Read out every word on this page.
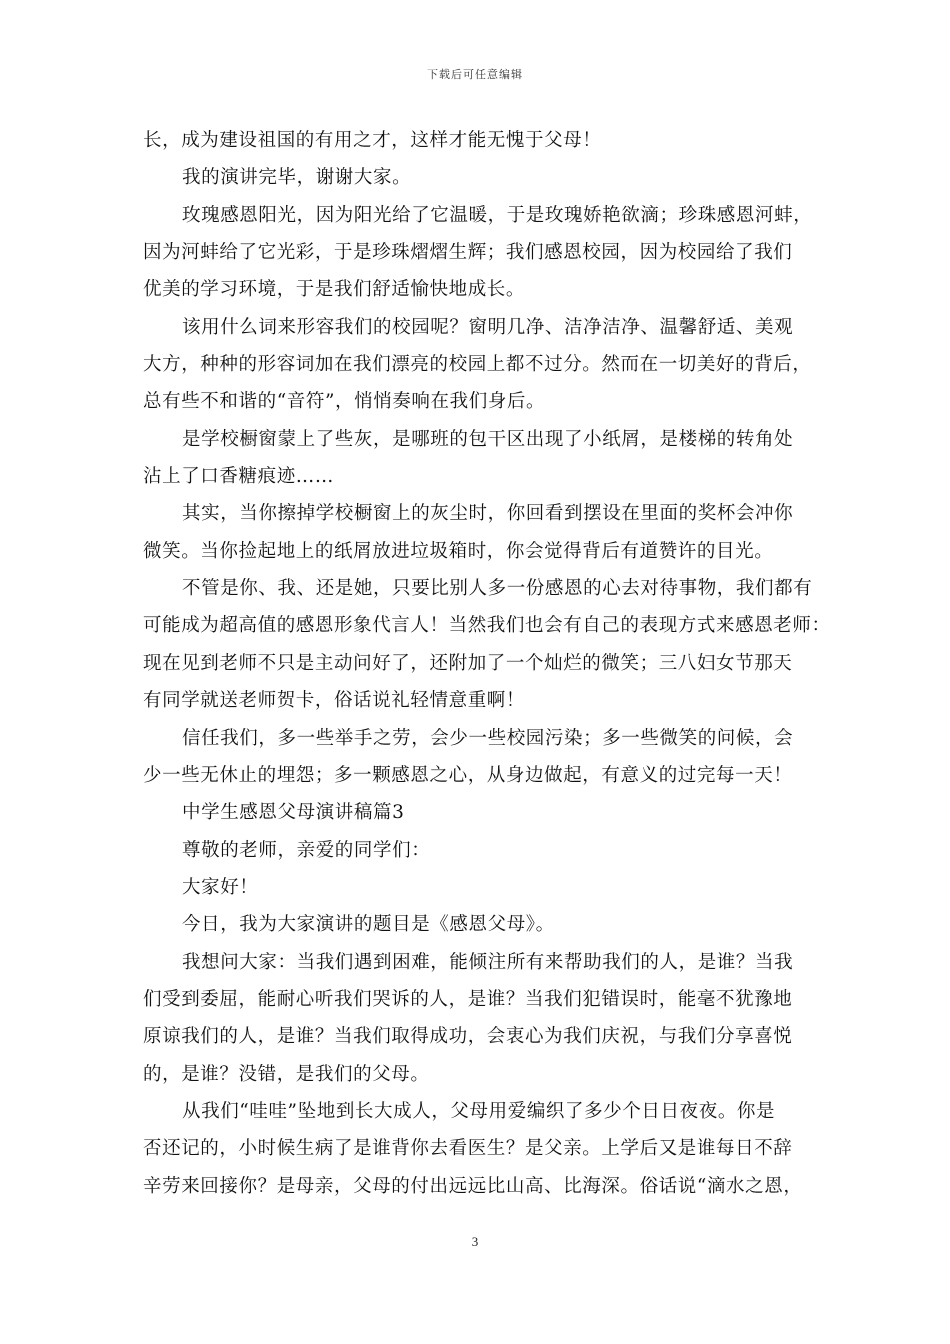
下载后可任意编辑
长，成为建设祖国的有用之才，这样才能无愧于父母！
我的演讲完毕，谢谢大家。
玫瑰感恩阳光，因为阳光给了它温暖，于是玫瑰娇艳欲滴；珍珠感恩河蚌，
因为河蚌给了它光彩，于是珍珠熠熠生辉；我们感恩校园，因为校园给了我们
优美的学习环境，于是我们舒适愉快地成长。
该用什么词来形容我们的校园呢？窗明几净、洁净洁净、温馨舒适、美观
大方，种种的形容词加在我们漂亮的校园上都不过分。然而在一切美好的背后，
总有些不和谐的“音符”，悄悄奏响在我们身后。
是学校橱窗蒙上了些灰，是哪班的包干区出现了小纸屑，是楼梯的转角处
沾上了口香糖痕迹……
其实，当你擦掉学校橱窗上的灰尘时，你回看到摆设在里面的奖杯会冲你
微笑。当你捡起地上的纸屑放进垃圾箱时，你会觉得背后有道赞许的目光。
不管是你、我、还是她，只要比别人多一份感恩的心去对待事物，我们都有
可能成为超高值的感恩形象代言人！当然我们也会有自己的表现方式来感恩老师：
现在见到老师不只是主动问好了，还附加了一个灿烂的微笑；三八妇女节那天
有同学就送老师贺卡，俗话说礼轻情意重啊！
信任我们，多一些举手之劳，会少一些校园污染；多一些微笑的问候，会
少一些无休止的埋怨；多一颗感恩之心，从身边做起，有意义的过完每一天！
中学生感恩父母演讲稿篇3
尊敬的老师，亲爱的同学们：
大家好！
今日，我为大家演讲的题目是《感恩父母》。
我想问大家：当我们遇到困难，能倾注所有来帮助我们的人，是谁？当我
们受到委屈，能耐心听我们哭诉的人，是谁？当我们犯错误时，能毫不犹豫地
原谅我们的人，是谁？当我们取得成功，会衷心为我们庆祝，与我们分享喜悦
的，是谁？没错，是我们的父母。
从我们“哇哇”坠地到长大成人，父母用爱编织了多少个日日夜夜。你是
否还记的，小时候生病了是谁背你去看医生？是父亲。上学后又是谁每日不辞
辛劳来回接你？是母亲，父母的付出远远比山高、比海深。俗话说“滴水之恩，
3
